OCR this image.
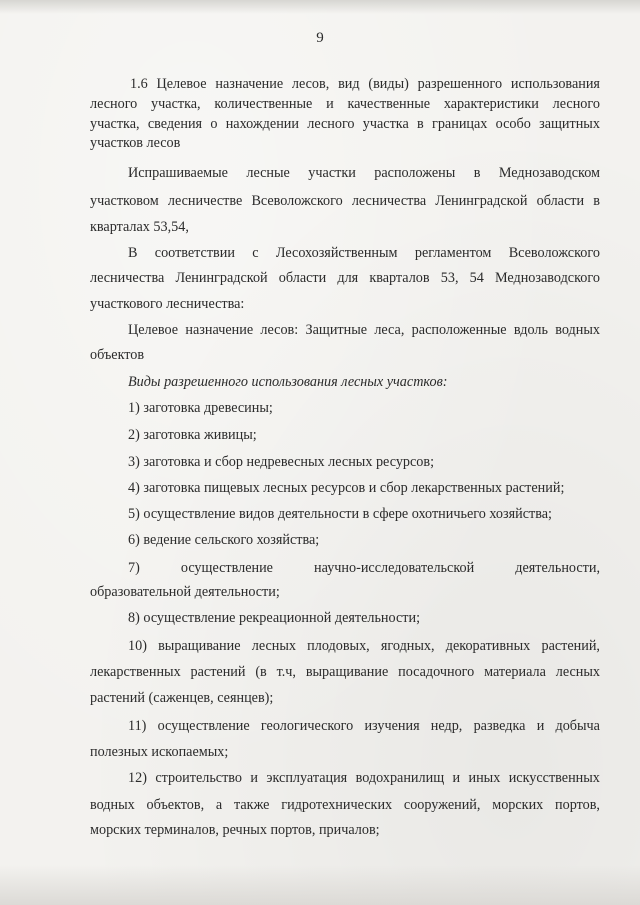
9
1.6 Целевое назначение лесов, вид (виды) разрешенного использования
лесного участка, количественные и качественные характеристики лесного
участка, сведения о нахождении лесного участка в границах особо защитных
участков лесов
Испрашиваемые лесные участки расположены в Меднозаводском
участковом лесничестве Всеволожского лесничества Ленинградской области в
кварталах 53,54,
В соответствии с Лесохозяйственным регламентом Всеволожского
лесничества Ленинградской области для кварталов 53, 54 Меднозаводского
участкового лесничества:
Целевое назначение лесов: Защитные леса, расположенные вдоль водных
объектов
Виды разрешенного использования лесных участков:
1) заготовка древесины;
2) заготовка живицы;
3) заготовка и сбор недревесных лесных ресурсов;
4) заготовка пищевых лесных ресурсов и сбор лекарственных растений;
5) осуществление видов деятельности в сфере охотничьего хозяйства;
6) ведение сельского хозяйства;
7)	осуществление	научно-исследовательской	деятельности,
образовательной деятельности;
8) осуществление рекреационной деятельности;
10) выращивание лесных плодовых, ягодных, декоративных растений,
лекарственных растений (в т.ч, выращивание посадочного материала лесных
растений (саженцев, сеянцев);
11) осуществление геологического изучения недр, разведка и добыча
полезных ископаемых;
12) строительство и эксплуатация водохранилищ и иных искусственных
водных объектов, а также гидротехнических сооружений, морских портов,
морских терминалов, речных портов, причалов;
